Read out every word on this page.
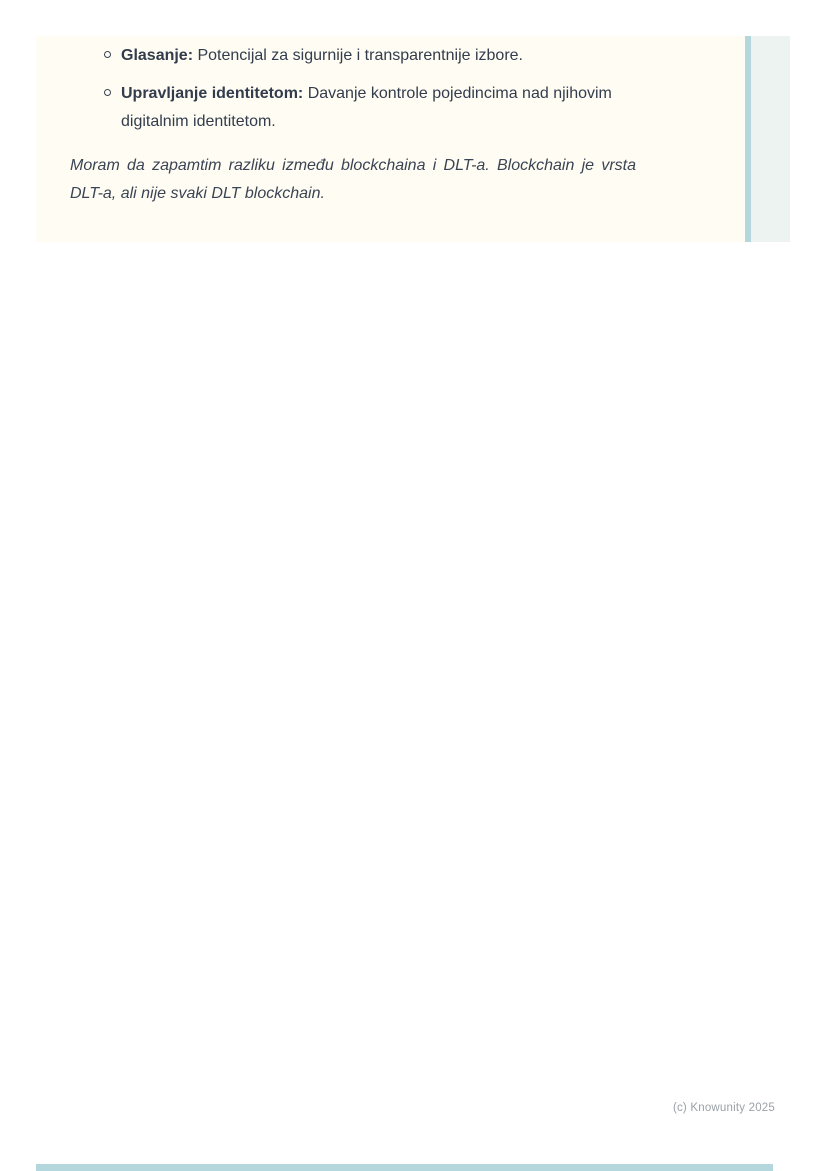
Glasanje: Potencijal za sigurnije i transparentnije izbore.
Upravljanje identitetom: Davanje kontrole pojedincima nad njihovim digitalnim identitetom.

Moram da zapamtim razliku između blockchaina i DLT-a. Blockchain je vrsta DLT-a, ali nije svaki DLT blockchain.

(c) Knowunity 2025
